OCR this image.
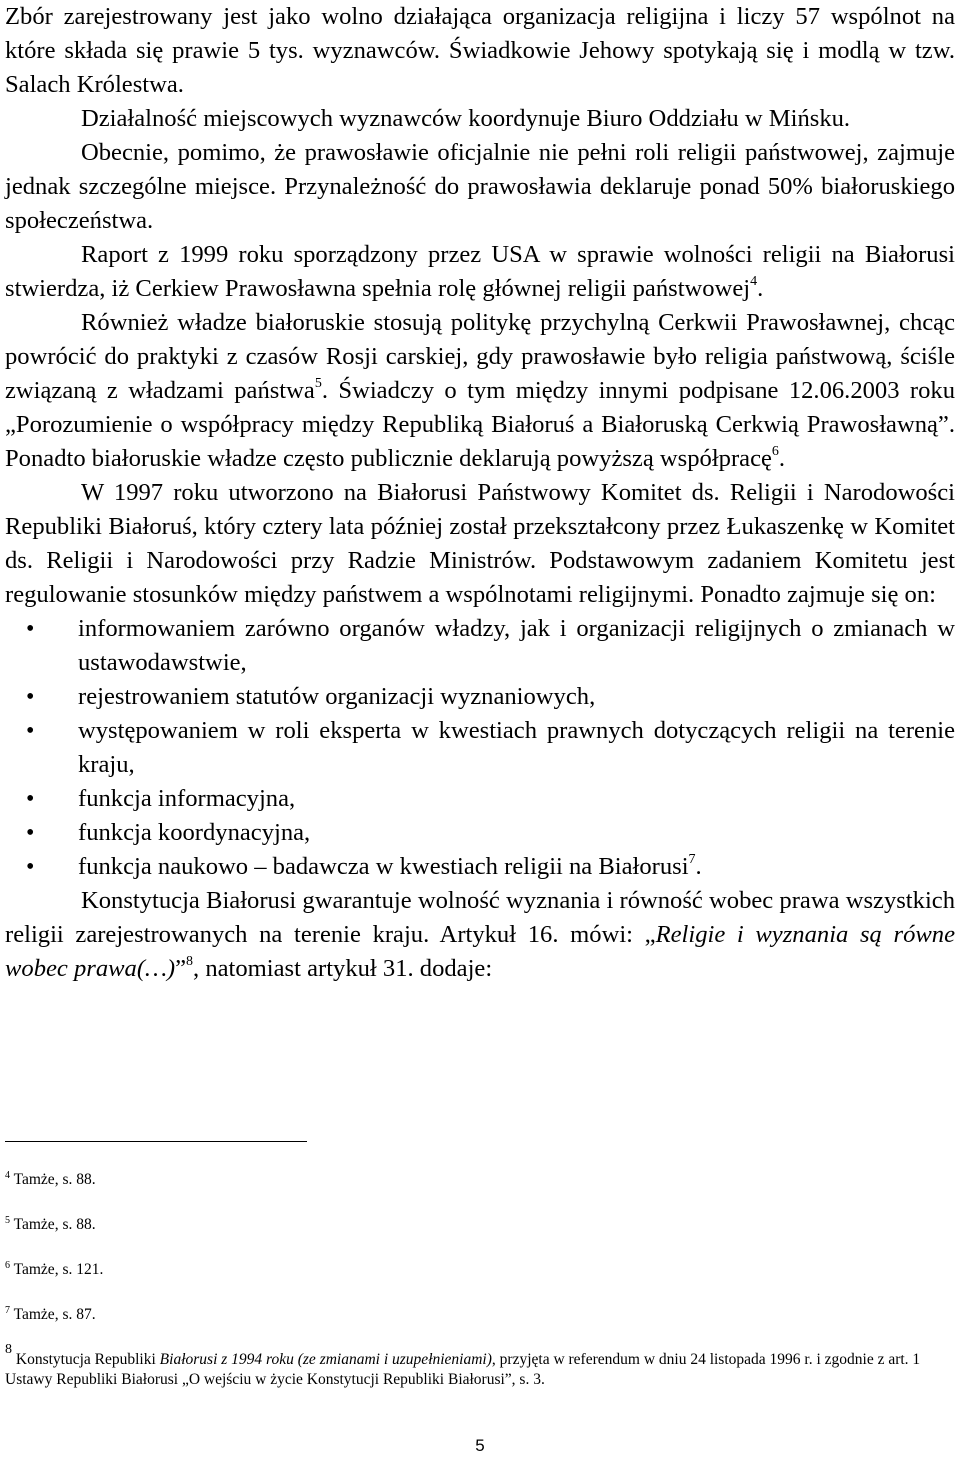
Zbór zarejestrowany jest jako wolno działająca organizacja religijna i liczy 57 wspólnot na które składa się prawie 5 tys. wyznawców. Świadkowie Jehowy spotykają się i modlą w tzw. Salach Królestwa.

Działalność miejscowych wyznawców koordynuje Biuro Oddziału w Mińsku.

Obecnie, pomimo, że prawosławie oficjalnie nie pełni roli religii państwowej, zajmuje jednak szczególne miejsce. Przynależność do prawosławia deklaruje ponad 50% białoruskiego społeczeństwa.

Raport z 1999 roku sporządzony przez USA w sprawie wolności religii na Białorusi stwierdza, iż Cerkiew Prawosławna spełnia rolę głównej religii państwowej$^4$.

Również władze białoruskie stosują politykę przychylną Cerkwii Prawosławnej, chcąc powrócić do praktyki z czasów Rosji carskiej, gdy prawosławie było religia państwową, ściśle związaną z władzami państwa$^5$. Świadczy o tym między innymi podpisane 12.06.2003 roku „Porozumienie o współpracy między Republiką Białoruś a Białoruską Cerkwią Prawosławną”. Ponadto białoruskie władze często publicznie deklarują powyższą współpracę$^6$.

W 1997 roku utworzono na Białorusi Państwowy Komitet ds. Religii i Narodowości Republiki Białoruś, który cztery lata później został przekształcony przez Łukaszenkę w Komitet ds. Religii i Narodowości przy Radzie Ministrów. Podstawowym zadaniem Komitetu jest regulowanie stosunków między państwem a wspólnotami religijnymi. Ponadto zajmuje się on:

• informowaniem zarówno organów władzy, jak i organizacji religijnych o zmianach w ustawodawstwie,
• rejestrowaniem statutów organizacji wyznaniowych,
• występowaniem w roli eksperta w kwestiach prawnych dotyczących religii na terenie kraju,
• funkcja informacyjna,
• funkcja koordynacyjna,
• funkcja naukowo – badawcza w kwestiach religii na Białorusi$^7$.

Konstytucja Białorusi gwarantuje wolność wyznania i równość wobec prawa wszystkich religii zarejestrowanych na terenie kraju. Artykuł 16. mówi: „Religie i wyznania są równe wobec prawa(…)”$^8$, natomiast artykuł 31. dodaje:

$^4$ Tamże, s. 88.

$^5$ Tamże, s. 88.

$^6$ Tamże, s. 121.

$^7$ Tamże, s. 87.

$^8$ Konstytucja Republiki Białorusi z 1994 roku (ze zmianami i uzupełnieniami), przyjęta w referendum w dniu 24 listopada 1996 r. i zgodnie z art. 1 Ustawy Republiki Białorusi „O wejściu w życie Konstytucji Republiki Białorusi”, s. 3.

5
